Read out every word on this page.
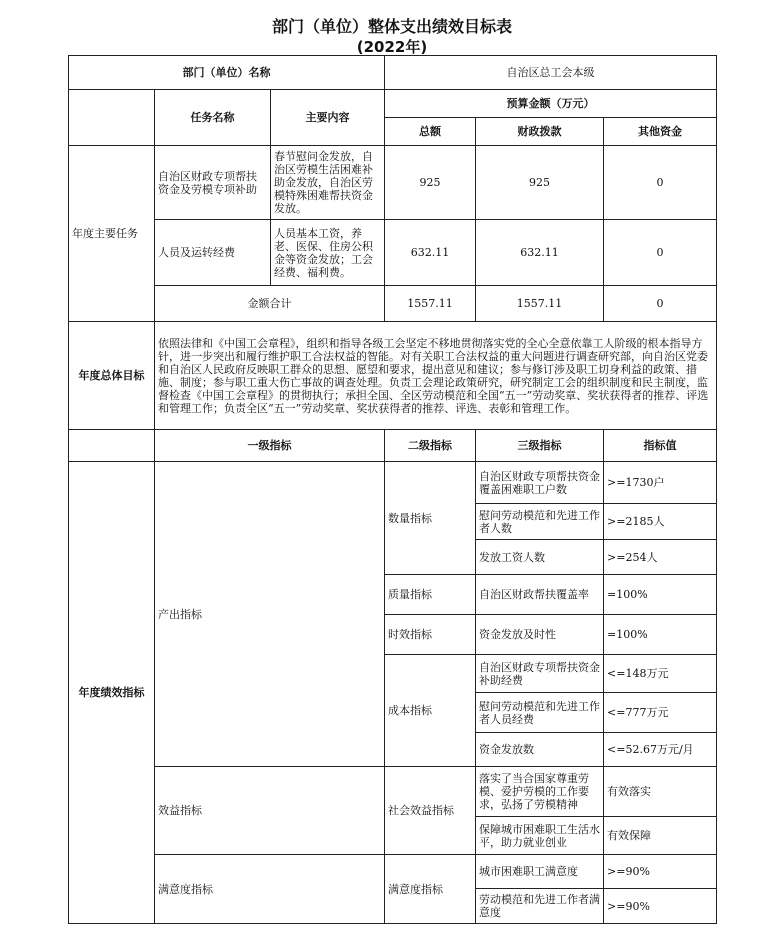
部门（单位）整体支出绩效目标表
(2022年)
部门（单位）名称			自治区总工会本级		
	任务名称	主要内容	预算金额（万元）		
			总额	财政拨款	其他资金
年度主要任务	自治区财政专项帮扶资金及劳模专项补助	春节慰问金发放，自治区劳模生活困难补助金发放，自治区劳模特殊困难帮扶资金发放。	925	925	0
	人员及运转经费	人员基本工资，养老、医保、住房公积金等资金发放；工会经费、福利费。	632.11	632.11	0
	金额合计		1557.11	1557.11	0
年度总体目标	依照法律和《中国工会章程》，组织和指导各级工会坚定不移地贯彻落实党的全心全意依靠工人阶级的根本指导方针，进一步突出和履行维护职工合法权益的智能。对有关职工合法权益的重大问题进行调查研究部，向自治区党委和自治区人民政府反映职工群众的思想、愿望和要求，提出意见和建议；参与修订涉及职工切身利益的政策、措施、制度；参与职工重大伤亡事故的调查处理。负责工会理论政策研究，研究制定工会的组织制度和民主制度，监督检查《中国工会章程》的贯彻执行；承担全国、全区劳动模范和全国“五一”劳动奖章、奖状获得者的推荐、评选和管理工作；负责全区“五一”劳动奖章、奖状获得者的推荐、评选、表彰和管理工作。				
	一级指标		二级指标	三级指标	指标值
年度绩效指标	产出指标		数量指标	自治区财政专项帮扶资金覆盖困难职工户数	>=1730户
				慰问劳动模范和先进工作者人数	>=2185人
				发放工资人数	>=254人
			质量指标	自治区财政帮扶覆盖率	=100%
			时效指标	资金发放及时性	=100%
			成本指标	自治区财政专项帮扶资金补助经费	<=148万元
				慰问劳动模范和先进工作者人员经费	<=777万元
				资金发放数	<=52.67万元/月
	效益指标		社会效益指标	落实了当合国家尊重劳模、爱护劳模的工作要求，弘扬了劳模精神	有效落实
				保障城市困难职工生活水平，助力就业创业	有效保障
	满意度指标		满意度指标	城市困难职工满意度	>=90%
				劳动模范和先进工作者满意度	>=90%
